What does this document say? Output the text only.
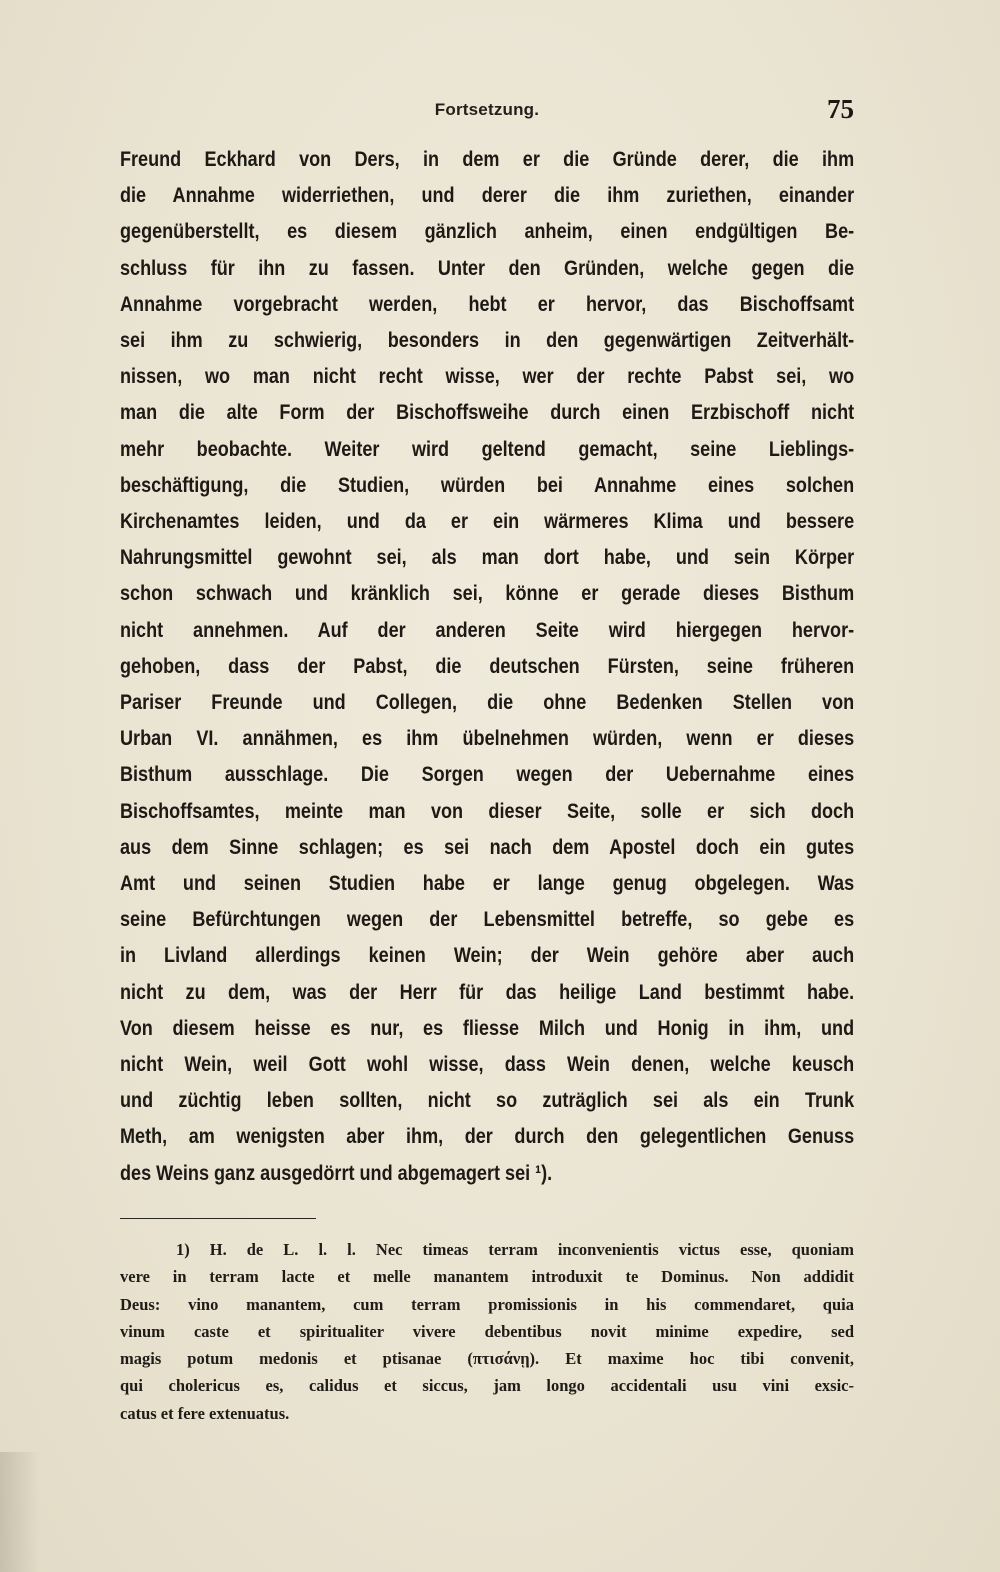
Fortsetzung.	75
Freund Eckhard von Ders, in dem er die Gründe derer, die ihm
die Annahme widerriethen, und derer die ihm zuriethen, einander
gegenüberstellt, es diesem gänzlich anheim, einen endgültigen Be-
schluss für ihn zu fassen. Unter den Gründen, welche gegen die
Annahme vorgebracht werden, hebt er hervor, das Bischoffsamt
sei ihm zu schwierig, besonders in den gegenwärtigen Zeitverhält-
nissen, wo man nicht recht wisse, wer der rechte Pabst sei, wo
man die alte Form der Bischoffsweihe durch einen Erzbischoff nicht
mehr beobachte. Weiter wird geltend gemacht, seine Lieblings-
beschäftigung, die Studien, würden bei Annahme eines solchen
Kirchenamtes leiden, und da er ein wärmeres Klima und bessere
Nahrungsmittel gewohnt sei, als man dort habe, und sein Körper
schon schwach und kränklich sei, könne er gerade dieses Bisthum
nicht annehmen. Auf der anderen Seite wird hiergegen hervor-
gehoben, dass der Pabst, die deutschen Fürsten, seine früheren
Pariser Freunde und Collegen, die ohne Bedenken Stellen von
Urban VI. annähmen, es ihm übelnehmen würden, wenn er dieses
Bisthum ausschlage. Die Sorgen wegen der Uebernahme eines
Bischoffsamtes, meinte man von dieser Seite, solle er sich doch
aus dem Sinne schlagen; es sei nach dem Apostel doch ein gutes
Amt und seinen Studien habe er lange genug obgelegen. Was
seine Befürchtungen wegen der Lebensmittel betreffe, so gebe es
in Livland allerdings keinen Wein; der Wein gehöre aber auch
nicht zu dem, was der Herr für das heilige Land bestimmt habe.
Von diesem heisse es nur, es fliesse Milch und Honig in ihm, und
nicht Wein, weil Gott wohl wisse, dass Wein denen, welche keusch
und züchtig leben sollten, nicht so zuträglich sei als ein Trunk
Meth, am wenigsten aber ihm, der durch den gelegentlichen Genuss
des Weins ganz ausgedörrt und abgemagert sei ¹).
1) H. de L. l. l. Nec timeas terram inconvenientis victus esse, quoniam
vere in terram lacte et melle manantem introduxit te Dominus. Non addidit
Deus: vino manantem, cum terram promissionis in his commendaret, quia
vinum caste et spiritualiter vivere debentibus novit minime expedire, sed
magis potum medonis et ptisanae (πτισάνῃ). Et maxime hoc tibi convenit,
qui cholericus es, calidus et siccus, jam longo accidentali usu vini exsic-
catus et fere extenuatus.
